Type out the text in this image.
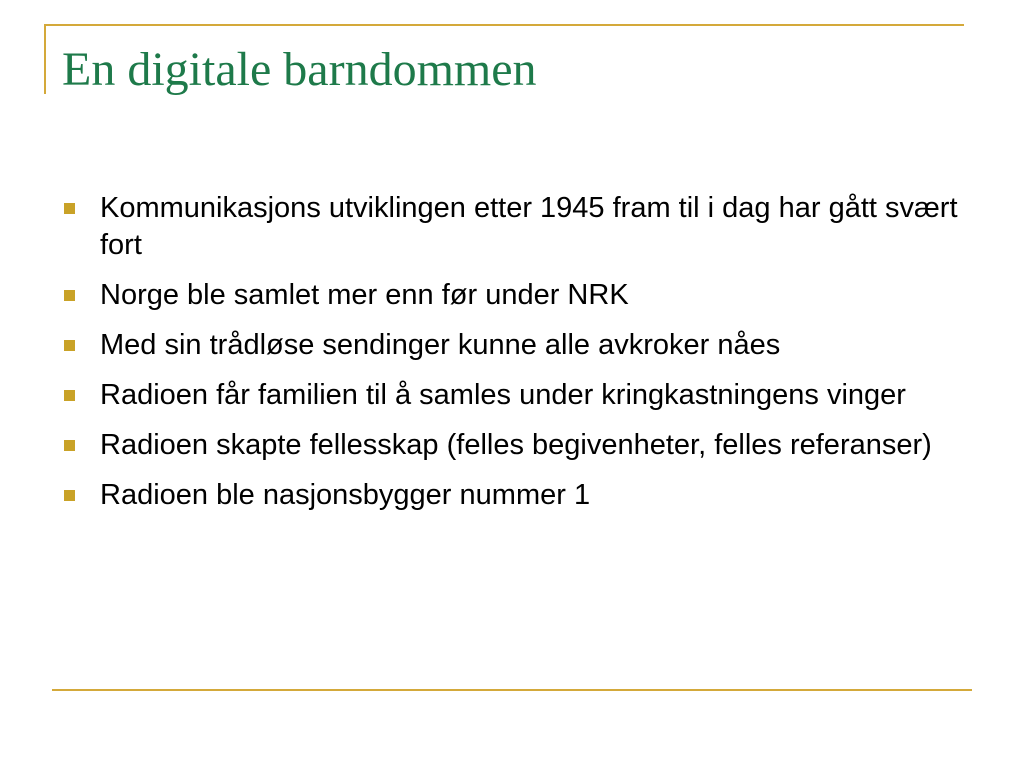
En digitale barndommen
Kommunikasjons utviklingen etter 1945 fram til i dag har gått svært fort
Norge ble samlet mer enn før under NRK
Med sin trådløse sendinger kunne alle avkroker nåes
Radioen får familien til å samles under kringkastningens vinger
Radioen skapte fellesskap (felles begivenheter, felles referanser)
Radioen ble nasjonsbygger nummer 1
